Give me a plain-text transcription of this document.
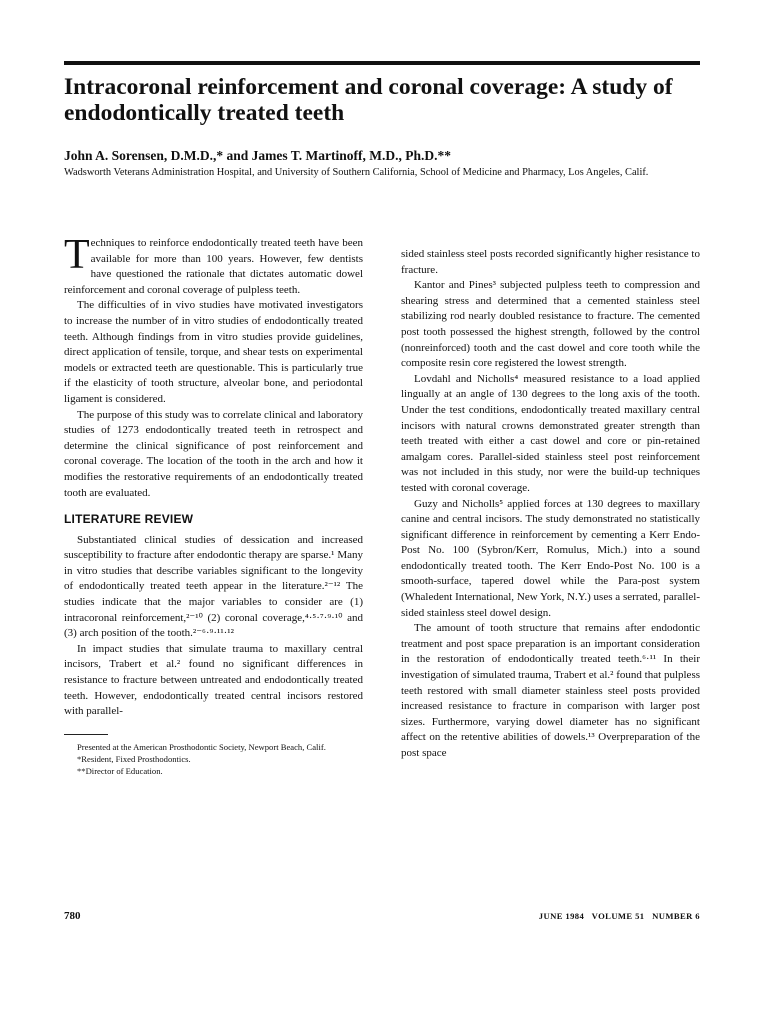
Intracoronal reinforcement and coronal coverage: A study of endodontically treated teeth

John A. Sorensen, D.M.D.,* and James T. Martinoff, M.D., Ph.D.**

Wadsworth Veterans Administration Hospital, and University of Southern California, School of Medicine and Pharmacy, Los Angeles, Calif.

Techniques to reinforce endodontically treated teeth have been available for more than 100 years. However, few dentists have questioned the rationale that dictates automatic dowel reinforcement and coronal coverage of pulpless teeth.

The difficulties of in vivo studies have motivated investigators to increase the number of in vitro studies of endodontically treated teeth. Although findings from in vitro studies provide guidelines, direct application of tensile, torque, and shear tests on experimental models or extracted teeth are questionable. This is particularly true if the elasticity of tooth structure, alveolar bone, and periodontal ligament is considered.

The purpose of this study was to correlate clinical and laboratory studies of 1273 endodontically treated teeth in retrospect and determine the clinical significance of post reinforcement and coronal coverage. The location of the tooth in the arch and how it modifies the restorative requirements of an endodontically treated tooth are evaluated.

LITERATURE REVIEW

Substantiated clinical studies of dessication and increased susceptibility to fracture after endodontic therapy are sparse.¹ Many in vitro studies that describe variables significant to the longevity of endodontically treated teeth appear in the literature.²⁻¹² The studies indicate that the major variables to consider are (1) intracoronal reinforcement,²⁻¹⁰ (2) coronal coverage,⁴·⁵·⁷·⁹·¹⁰ and (3) arch position of the tooth.²⁻⁶·⁹·¹¹·¹²

In impact studies that simulate trauma to maxillary central incisors, Trabert et al.² found no significant differences in resistance to fracture between untreated and endodontically treated teeth. However, endodontically treated central incisors restored with parallel-

Presented at the American Prosthodontic Society, Newport Beach, Calif.

*Resident, Fixed Prosthodontics.

**Director of Education.

sided stainless steel posts recorded significantly higher resistance to fracture.

Kantor and Pines³ subjected pulpless teeth to compression and shearing stress and determined that a cemented stainless steel stabilizing rod nearly doubled resistance to fracture. The cemented post tooth possessed the highest strength, followed by the control (nonreinforced) tooth and the cast dowel and core tooth while the composite resin core registered the lowest strength.

Lovdahl and Nicholls⁴ measured resistance to a load applied lingually at an angle of 130 degrees to the long axis of the tooth. Under the test conditions, endodontically treated maxillary central incisors with natural crowns demonstrated greater strength than teeth treated with either a cast dowel and core or pin-retained amalgam cores. Parallel-sided stainless steel post reinforcement was not included in this study, nor were the build-up techniques tested with coronal coverage.

Guzy and Nicholls⁵ applied forces at 130 degrees to maxillary canine and central incisors. The study demonstrated no statistically significant difference in reinforcement by cementing a Kerr Endo-Post No. 100 (Sybron/Kerr, Romulus, Mich.) into a sound endodontically treated tooth. The Kerr Endo-Post No. 100 is a smooth-surface, tapered dowel while the Para-post system (Whaledent International, New York, N.Y.) uses a serrated, parallel-sided stainless steel dowel design.

The amount of tooth structure that remains after endodontic treatment and post space preparation is an important consideration in the restoration of endodontically treated teeth.⁶·¹¹ In their investigation of simulated trauma, Trabert et al.² found that pulpless teeth restored with small diameter stainless steel posts provided increased resistance to fracture in comparison with larger post sizes. Furthermore, varying dowel diameter has no significant affect on the retentive abilities of dowels.¹³ Overpreparation of the post space

780	JUNE 1984   VOLUME 51   NUMBER 6
